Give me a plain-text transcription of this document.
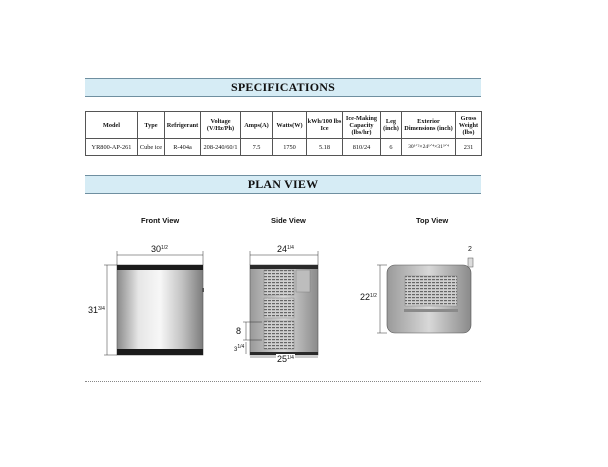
SPECIFICATIONS
Model	Type	Refrigerant	Voltage (V/Hz/Ph)	Amps(A)	Watts(W)	kWh/100 lbs Ice	Ice-Making Capacity (lbs/hr)	Leg (inch)	Exterior Dimensions (inch)	Gross Weight (lbs)
YR800-AP-261	Cube ice	R-404a	208-240/60/1	7.5	1750	5.18	810/24	6	30¹ᐟ²×24¹ᐟ⁴×31³ᐟ⁴	231
PLAN VIEW
Front View	Side View	Top View
$30^{1/2}$
$31^{3/4}$
$24^{1/4}$
$25^{1/4}$
8
$3^{1/4}$
$22^{1/2}$
2
